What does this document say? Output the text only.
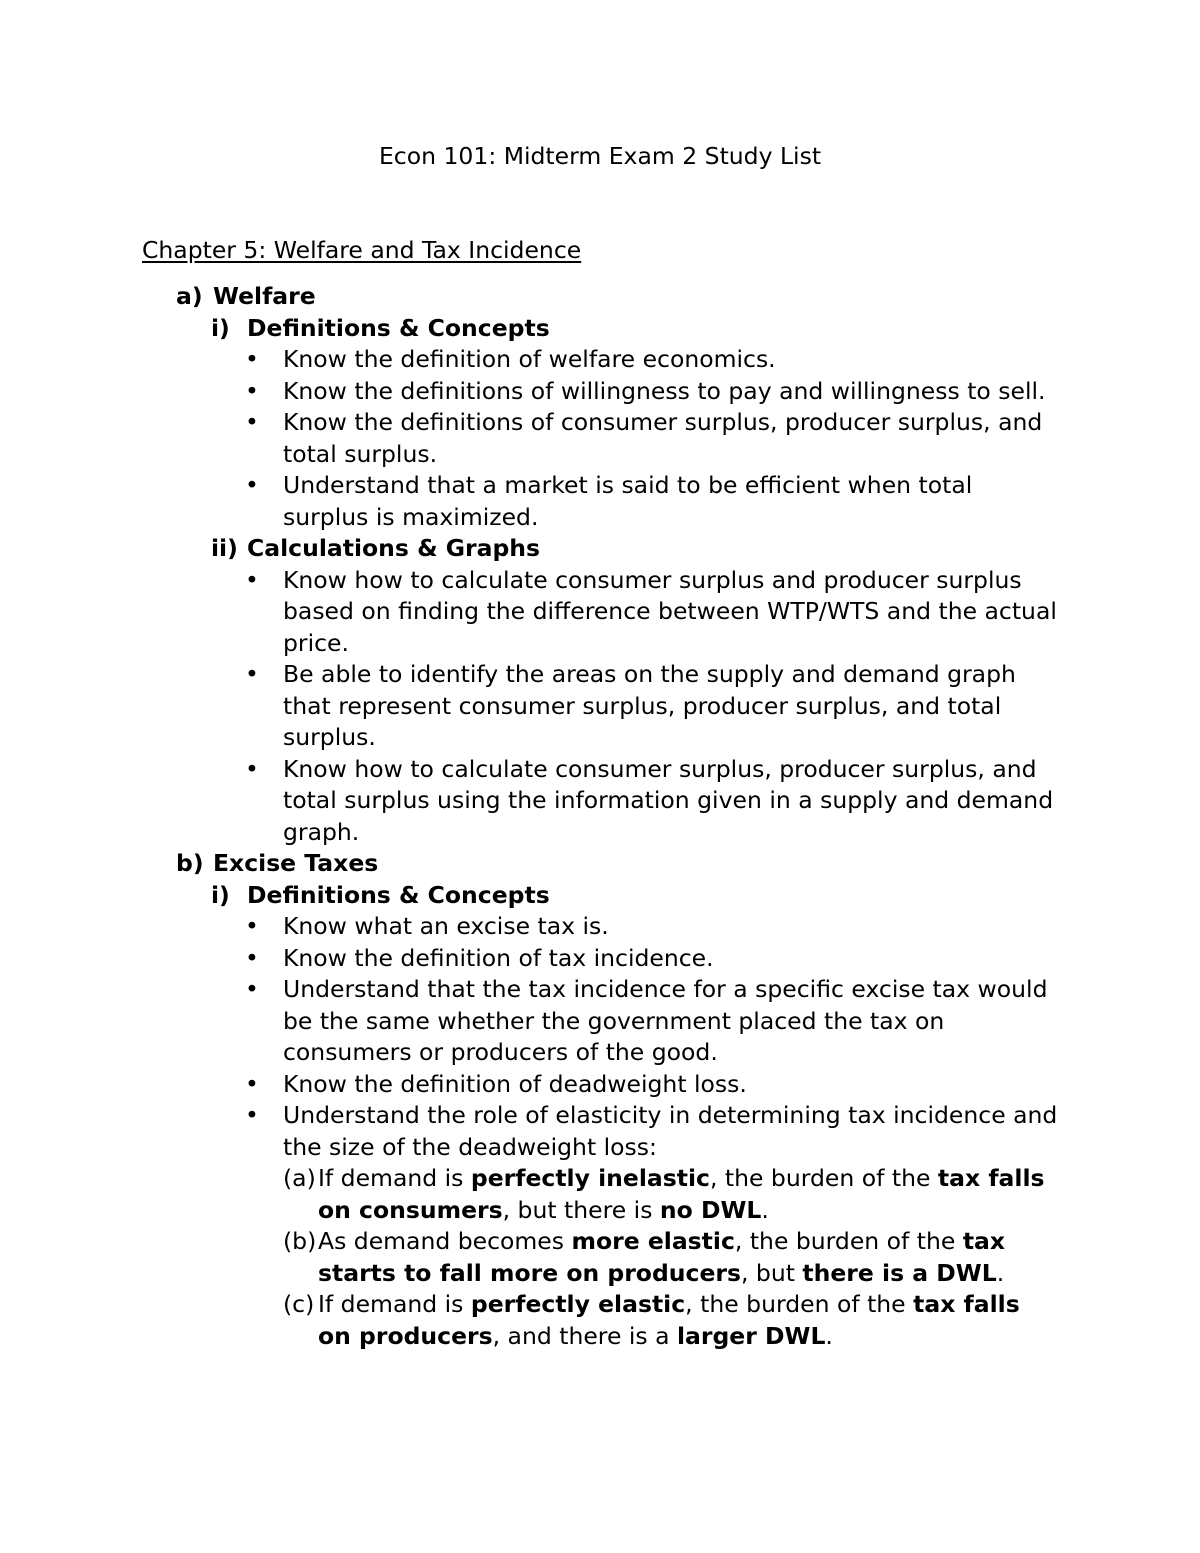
Econ 101: Midterm Exam 2 Study List
Chapter 5: Welfare and Tax Incidence
a) Welfare
i) Definitions & Concepts
• Know the definition of welfare economics.
• Know the definitions of willingness to pay and willingness to sell.
• Know the definitions of consumer surplus, producer surplus, and
total surplus.
• Understand that a market is said to be efficient when total
surplus is maximized.
ii) Calculations & Graphs
• Know how to calculate consumer surplus and producer surplus
based on finding the difference between WTP/WTS and the actual
price.
• Be able to identify the areas on the supply and demand graph
that represent consumer surplus, producer surplus, and total
surplus.
• Know how to calculate consumer surplus, producer surplus, and
total surplus using the information given in a supply and demand
graph.
b) Excise Taxes
i) Definitions & Concepts
• Know what an excise tax is.
• Know the definition of tax incidence.
• Understand that the tax incidence for a specific excise tax would
be the same whether the government placed the tax on
consumers or producers of the good.
• Know the definition of deadweight loss.
• Understand the role of elasticity in determining tax incidence and
the size of the deadweight loss:
(a) If demand is perfectly inelastic, the burden of the tax falls
on consumers, but there is no DWL.
(b) As demand becomes more elastic, the burden of the tax
starts to fall more on producers, but there is a DWL.
(c) If demand is perfectly elastic, the burden of the tax falls
on producers, and there is a larger DWL.
